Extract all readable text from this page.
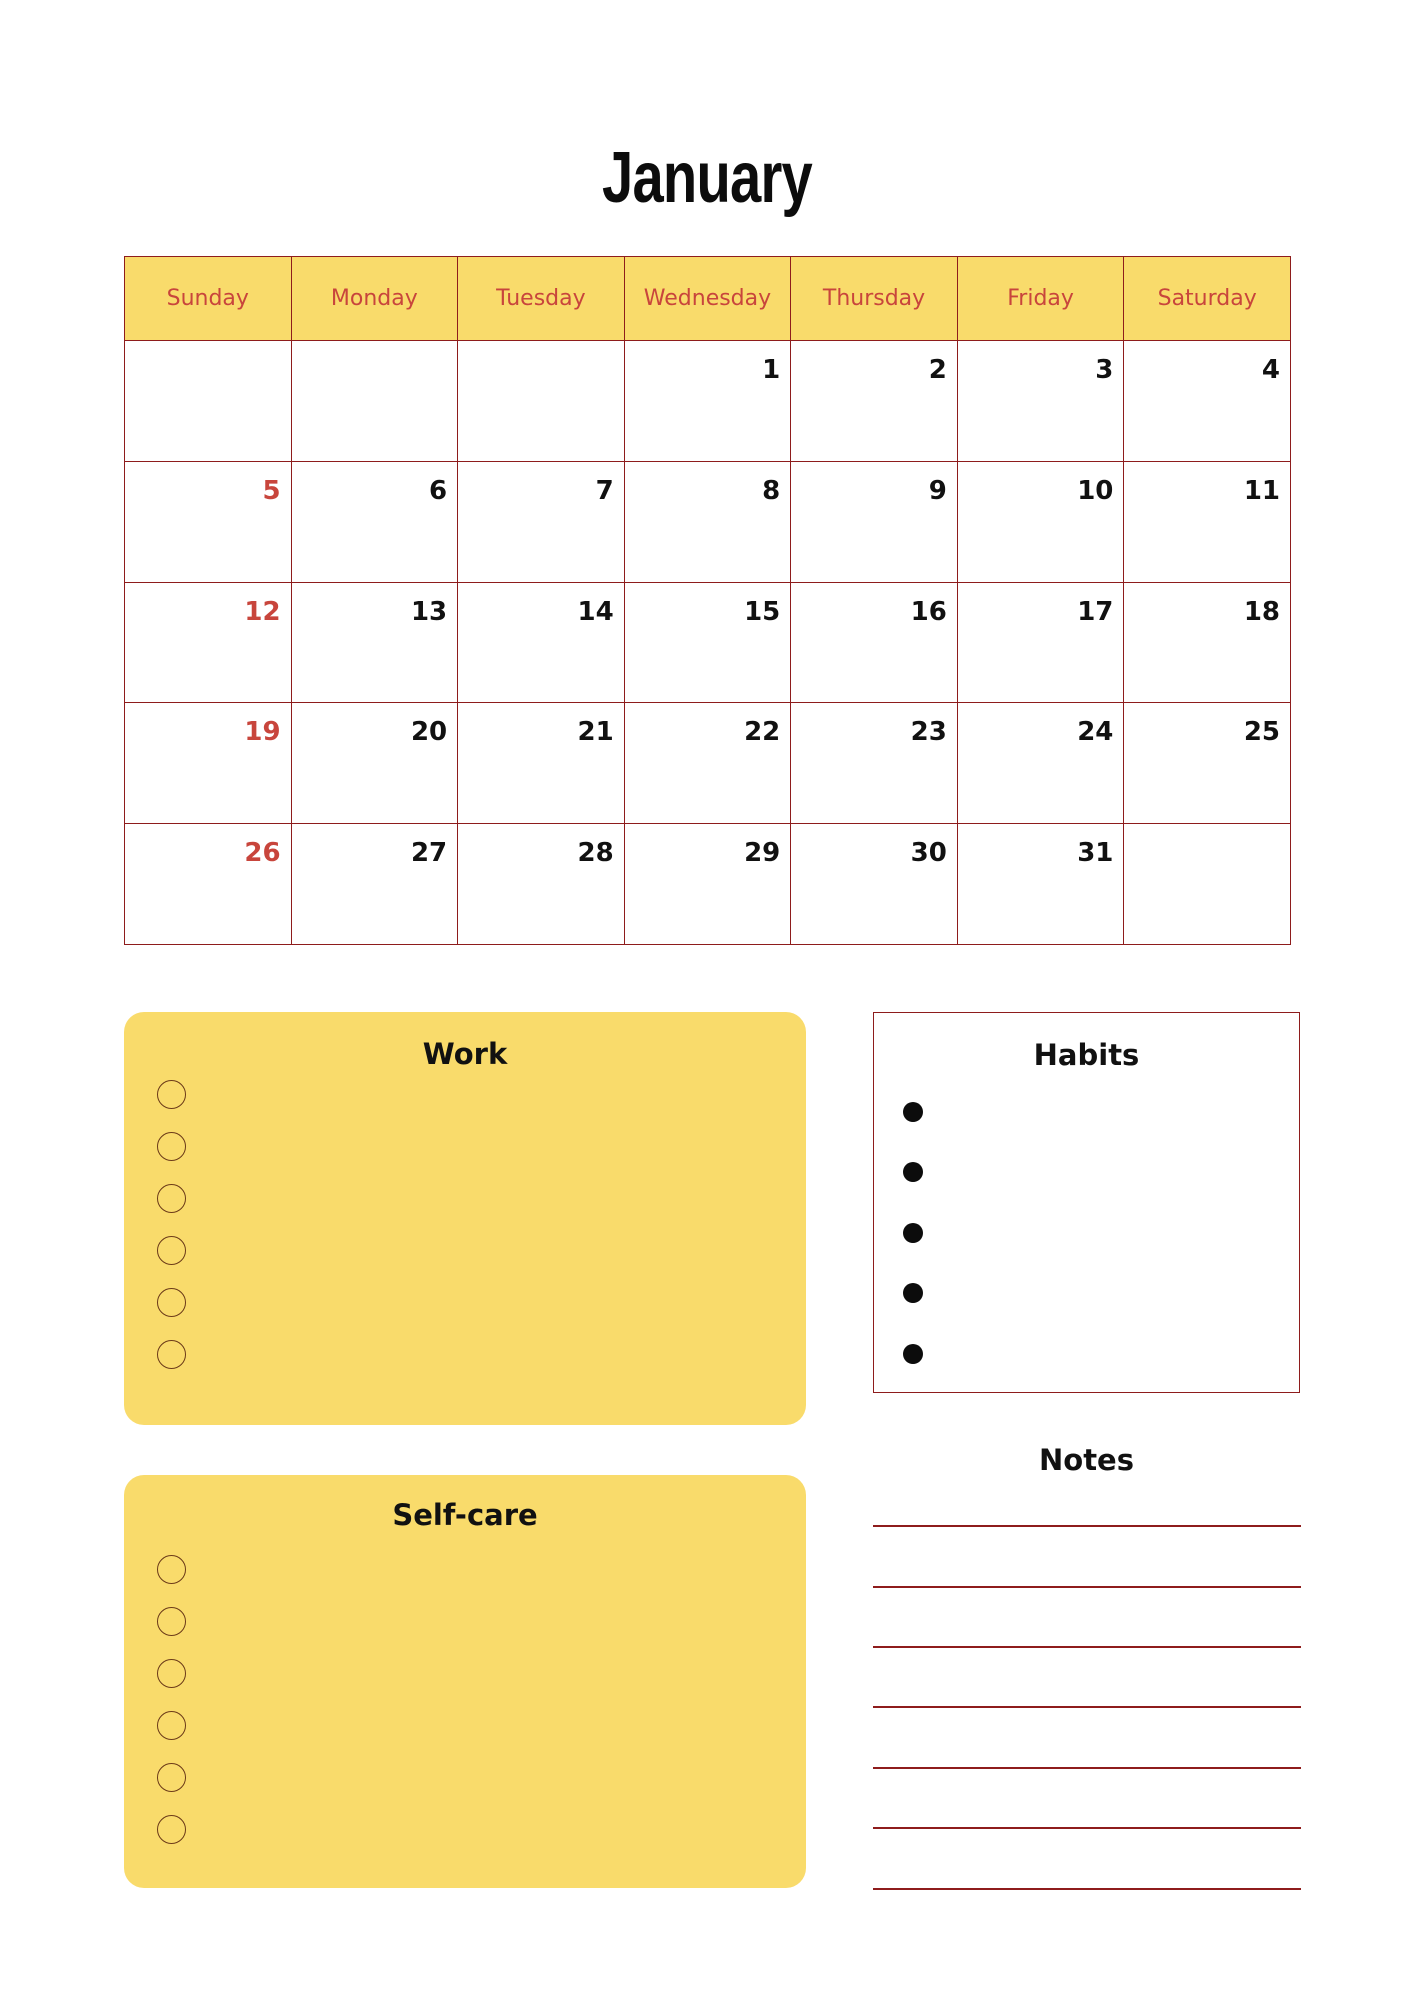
January
Sunday	Monday	Tuesday	Wednesday	Thursday	Friday	Saturday

			1	2	3	4

5	6	7	8	9	10	11

12	13	14	15	16	17	18

19	20	21	22	23	24	25

26	27	28	29	30	31	

Work
Self-care
Habits
Notes
